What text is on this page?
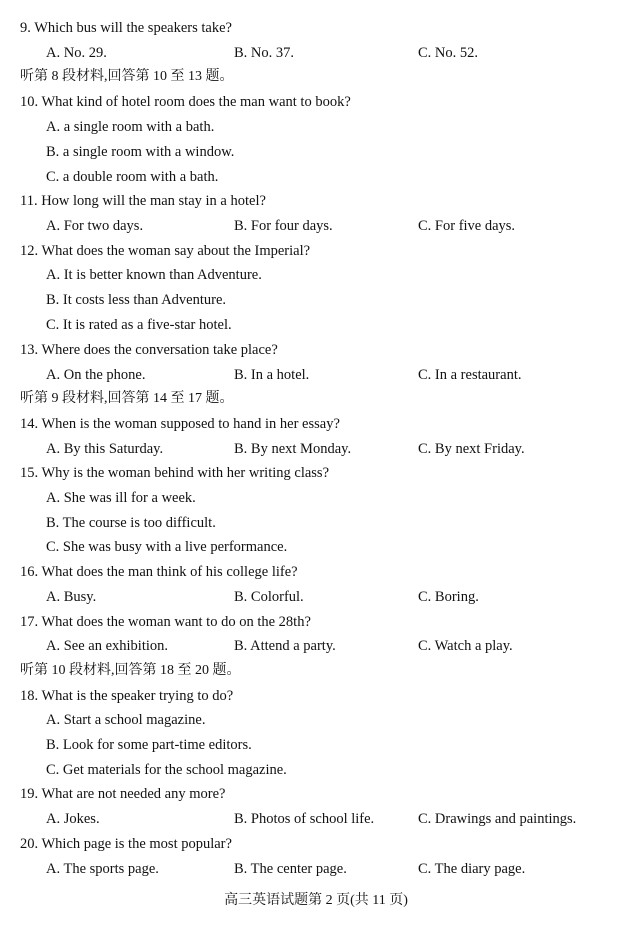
9. Which bus will the speakers take?
A. No. 29.	B. No. 37.	C. No. 52.
听第 8 段材料,回答第 10 至 13 题。
10. What kind of hotel room does the man want to book?
A. a single room with a bath.
B. a single room with a window.
C. a double room with a bath.
11. How long will the man stay in a hotel?
A. For two days.	B. For four days.	C. For five days.
12. What does the woman say about the Imperial?
A. It is better known than Adventure.
B. It costs less than Adventure.
C. It is rated as a five-star hotel.
13. Where does the conversation take place?
A. On the phone.	B. In a hotel.	C. In a restaurant.
听第 9 段材料,回答第 14 至 17 题。
14. When is the woman supposed to hand in her essay?
A. By this Saturday.	B. By next Monday.	C. By next Friday.
15. Why is the woman behind with her writing class?
A. She was ill for a week.
B. The course is too difficult.
C. She was busy with a live performance.
16. What does the man think of his college life?
A. Busy.	B. Colorful.	C. Boring.
17. What does the woman want to do on the 28th?
A. See an exhibition.	B. Attend a party.	C. Watch a play.
听第 10 段材料,回答第 18 至 20 题。
18. What is the speaker trying to do?
A. Start a school magazine.
B. Look for some part-time editors.
C. Get materials for the school magazine.
19. What are not needed any more?
A. Jokes.	B. Photos of school life.	C. Drawings and paintings.
20. Which page is the most popular?
A. The sports page.	B. The center page.	C. The diary page.
高三英语试题第 2 页(共 11 页)
